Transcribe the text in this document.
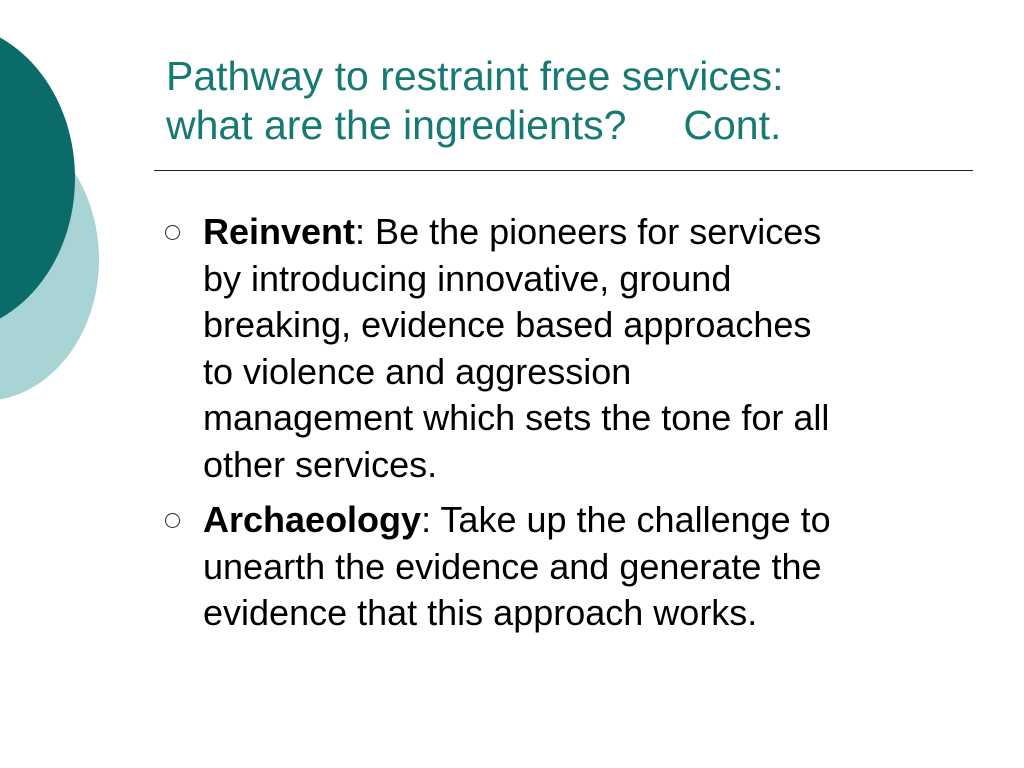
Pathway to restraint free services:
what are the ingredients?     Cont.
Reinvent: Be the pioneers for services
by introducing innovative, ground
breaking, evidence based approaches
to violence and aggression
management which sets the tone for all
other services.
Archaeology: Take up the challenge to
unearth the evidence and generate the
evidence that this approach works.
